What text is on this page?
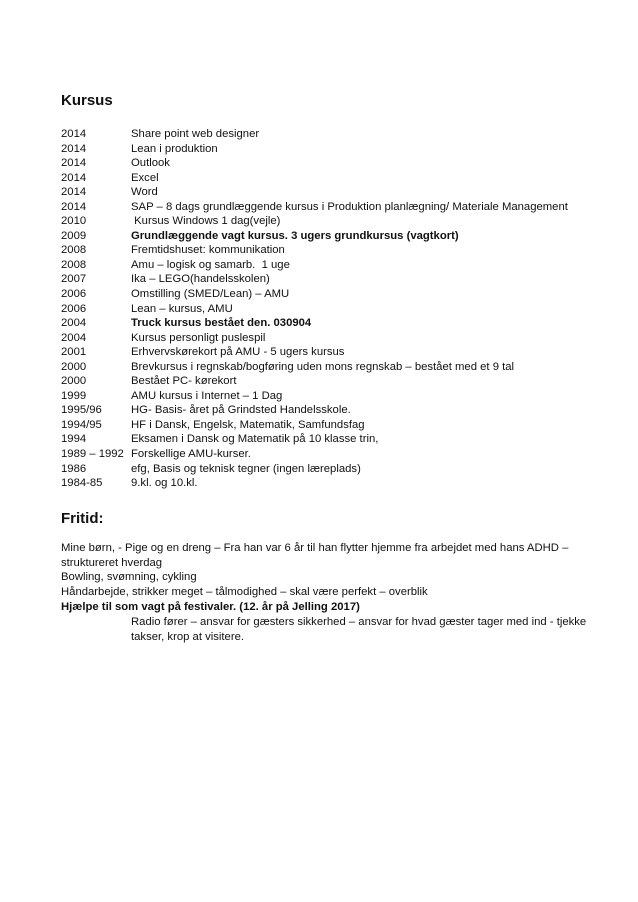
Kursus
2014	Share point web designer
2014	Lean i produktion
2014	Outlook
2014	Excel
2014	Word
2014	SAP – 8 dags grundlæggende kursus i Produktion planlægning/ Materiale Management
2010	Kursus Windows 1 dag(vejle)
2009	Grundlæggende vagt kursus. 3 ugers grundkursus (vagtkort)
2008	Fremtidshuset: kommunikation
2008	Amu – logisk og samarb.  1 uge
2007	Ika – LEGO(handelsskolen)
2006	Omstilling (SMED/Lean) – AMU
2006	Lean – kursus, AMU
2004	Truck kursus bestået den. 030904
2004	Kursus personligt puslespil
2001	Erhvervskørekort på AMU - 5 ugers kursus
2000	Brevkursus i regnskab/bogføring uden mons regnskab – bestået med et 9 tal
2000	Bestået PC- kørekort
1999	AMU kursus i Internet – 1 Dag
1995/96	HG- Basis- året på Grindsted Handelsskole.
1994/95	HF i Dansk, Engelsk, Matematik, Samfundsfag
1994	Eksamen i Dansk og Matematik på 10 klasse trin,
1989 – 1992 Forskellige AMU-kurser.
1986	efg, Basis og teknisk tegner (ingen læreplads)
1984-85	9.kl. og 10.kl.
Fritid:

Mine børn, - Pige og en dreng – Fra han var 6 år til han flytter hjemme fra arbejdet med hans ADHD –

struktureret hverdag

Bowling, svømning, cykling

Håndarbejde, strikker meget – tålmodighed – skal være perfekt – overblik

Hjælpe til som vagt på festivaler. (12. år på Jelling 2017)

Radio fører – ansvar for gæsters sikkerhed – ansvar for hvad gæster tager med ind - tjekke

takser, krop at visitere.
